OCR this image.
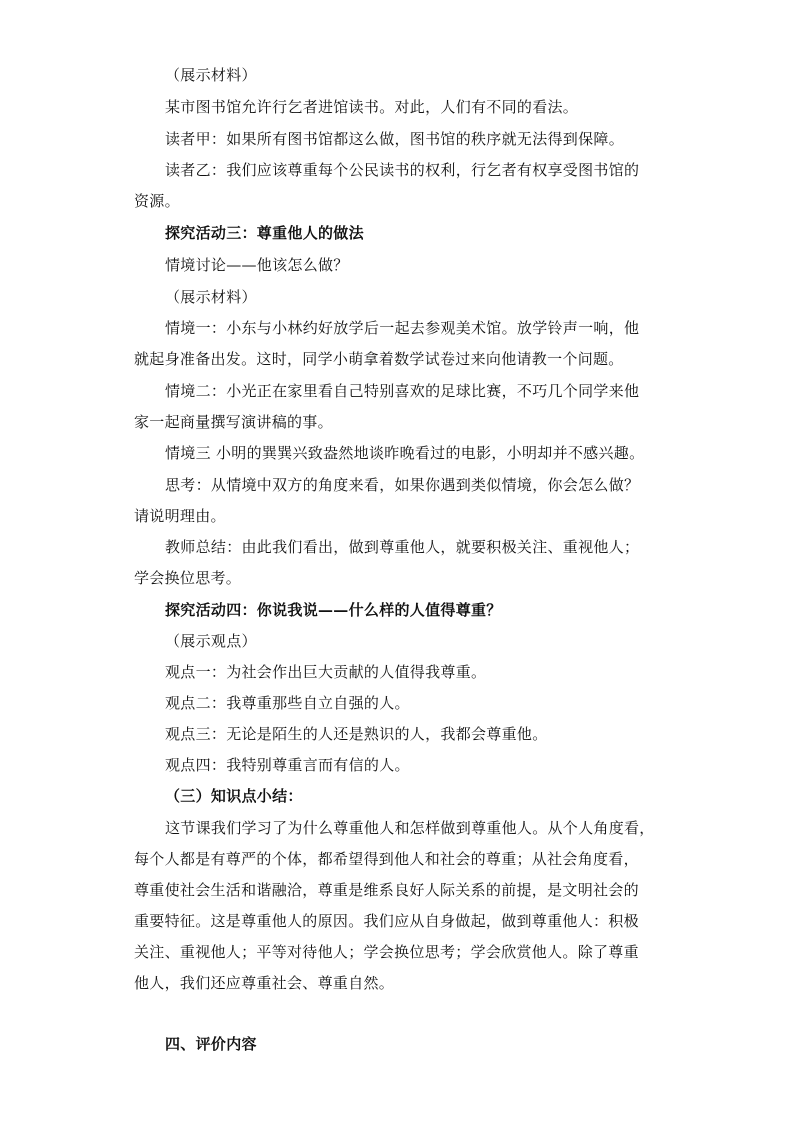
（展示材料）
某市图书馆允许行乞者进馆读书。对此，人们有不同的看法。
读者甲：如果所有图书馆都这么做，图书馆的秩序就无法得到保障。
读者乙：我们应该尊重每个公民读书的权利，行乞者有权享受图书馆的
资源。
探究活动三：尊重他人的做法
情境讨论——他该怎么做？
（展示材料）
情境一：小东与小林约好放学后一起去参观美术馆。放学铃声一响，他
就起身准备出发。这时，同学小萌拿着数学试卷过来向他请教一个问题。
情境二：小光正在家里看自己特别喜欢的足球比赛，不巧几个同学来他
家一起商量撰写演讲稿的事。
情境三 小明的巽巽兴致盎然地谈昨晚看过的电影，小明却并不感兴趣。
思考：从情境中双方的角度来看，如果你遇到类似情境，你会怎么做？
请说明理由。
教师总结：由此我们看出，做到尊重他人，就要积极关注、重视他人；
学会换位思考。
探究活动四：你说我说——什么样的人值得尊重？
（展示观点）
观点一：为社会作出巨大贡献的人值得我尊重。
观点二：我尊重那些自立自强的人。
观点三：无论是陌生的人还是熟识的人，我都会尊重他。
观点四：我特别尊重言而有信的人。
（三）知识点小结：
这节课我们学习了为什么尊重他人和怎样做到尊重他人。从个人角度看，
每个人都是有尊严的个体，都希望得到他人和社会的尊重；从社会角度看，
尊重使社会生活和谐融洽，尊重是维系良好人际关系的前提，是文明社会的
重要特征。这是尊重他人的原因。我们应从自身做起，做到尊重他人：积极
关注、重视他人；平等对待他人；学会换位思考；学会欣赏他人。除了尊重
他人，我们还应尊重社会、尊重自然。
四、评价内容
